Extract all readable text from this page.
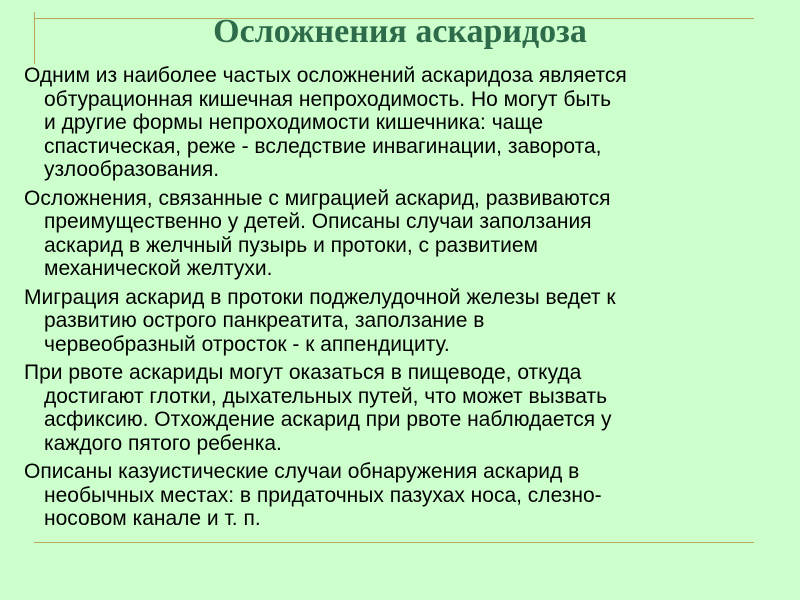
Осложнения аскаридоза

Одним из наиболее частых осложнений аскаридоза является
обтурационная кишечная непроходимость. Но могут быть
и другие формы непроходимости кишечника: чаще
спастическая, реже - вследствие инвагинации, заворота,
узлообразования.

Осложнения, связанные с миграцией аскарид, развиваются
преимущественно у детей. Описаны случаи заползания
аскарид в желчный пузырь и протоки, с развитием
механической желтухи.

Миграция аскарид в протоки поджелудочной железы ведет к
развитию острого панкреатита, заползание в
червеобразный отросток - к аппендициту.

При рвоте аскариды могут оказаться в пищеводе, откуда
достигают глотки, дыхательных путей, что может вызвать
асфиксию. Отхождение аскарид при рвоте наблюдается у
каждого пятого ребенка.

Описаны казуистические случаи обнаружения аскарид в
необычных местах: в придаточных пазухах носа, слезно-
носовом канале и т. п.
